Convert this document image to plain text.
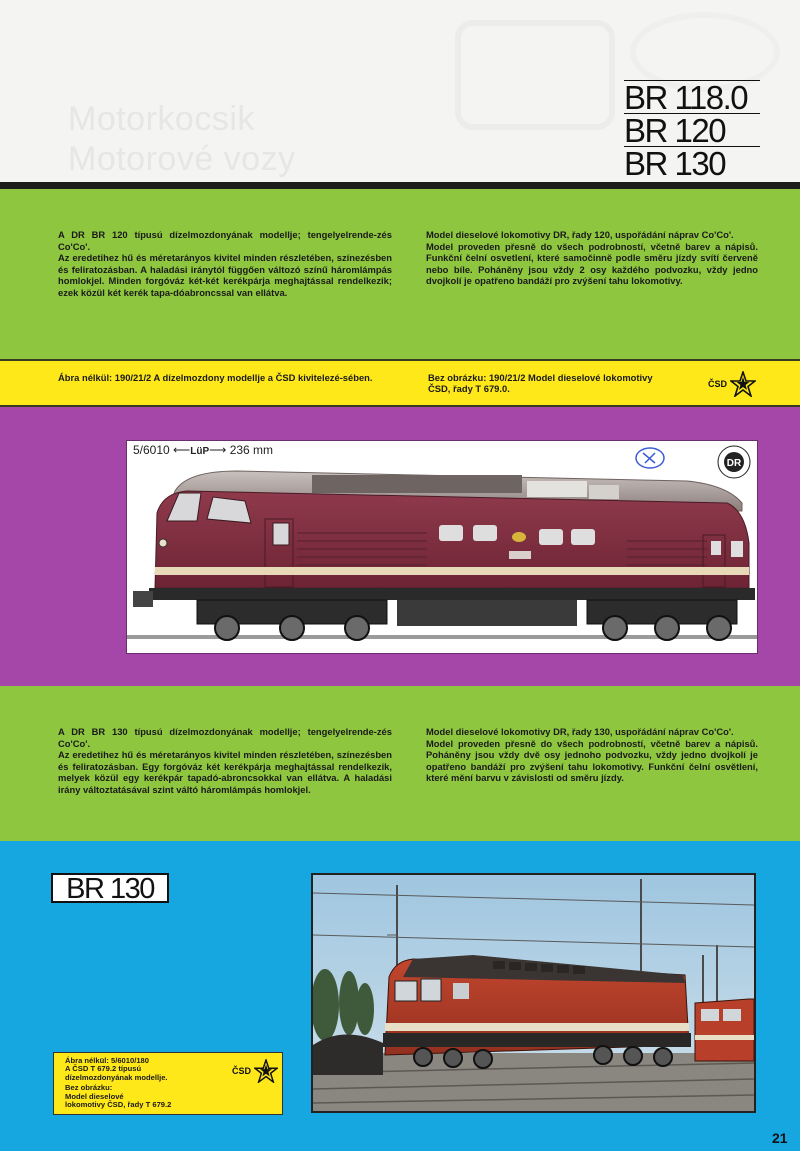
Motorkocsik
Motorové vozy
BR 118.0
BR 120
BR 130

A DR BR 120 típusú dízelmozdonyának modellje; tengelyelrende-zés Co'Co'.

Az eredetihez hű és méretarányos kivitel minden részletében, színezésben és feliratozásban. A haladási iránytól függően változó színű háromlámpás homlokjel. Minden forgóváz két-két kerékpárja meghajtással rendelkezik; ezek közül két kerék tapa-dóabroncssal van ellátva.

Model dieselové lokomotivy DR, řady 120, uspořádání náprav Co'Co'.

Model proveden přesně do všech podrobností, včetně barev a nápisů. Funkční čelní osvetlení, které samočinně podle směru jízdy svítí červeně nebo bíle. Poháněny jsou vždy 2 osy každého podvozku, vždy jedno dvojkolí je opatřeno bandáží pro zvýšení tahu lokomotivy.

Ábra nélkül: 190/21/2 A dízelmozdony modellje a ČSD kivitelezé-sében.	Bez obrázku: 190/21/2 Model dieselové lokomotivy ČSD, řady T 679.0.	ČSD
5/6010 ⟵LüP⟶ 236 mm
DR

A DR BR 130 típusú dízelmozdonyának modellje; tengelyelrende-zés Co'Co'.

Az eredetihez hű és méretarányos kivitel minden részletében, színezésben és feliratozásban. Egy forgóváz két kerékpárja meghajtással rendelkezik, melyek közül egy kerékpár tapadó-abroncsokkal van ellátva. A haladási irány változtatásával szint váltó háromlámpás homlokjel.

Model dieselové lokomotivy DR, řady 130, uspořádání náprav Co'Co'.

Model proveden přesně do všech podrobností, včetně barev a nápisů. Poháněny jsou vždy dvě osy jednoho podvozku, vždy jedno dvojkolí je opatřeno bandáží pro zvýšení tahu lokomotivy. Funkční čelní osvětlení, které mění barvu v závislosti od směru jízdy.

BR 130
Ábra nélkül: 5/6010/180
A ČSD T 679.2 típusú
dízelmozdonyának modellje.
Bez obrázku:
Model dieselové
lokomotivy ČSD, řady T 679.2
ČSD
21
